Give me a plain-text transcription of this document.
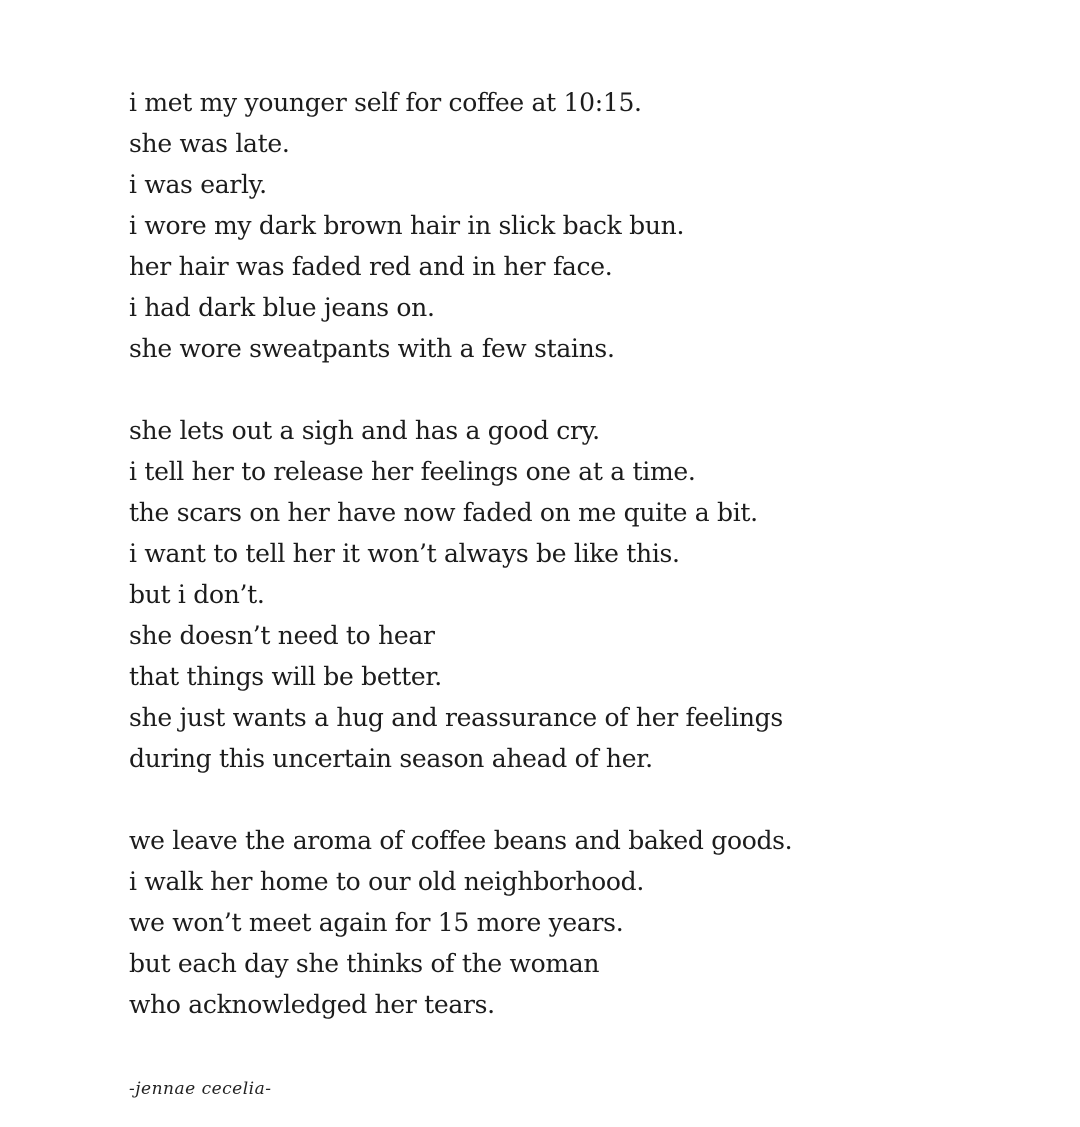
i met my younger self for coffee at 10:15.
she was late.
i was early.
i wore my dark brown hair in slick back bun.
her hair was faded red and in her face.
i had dark blue jeans on.
she wore sweatpants with a few stains.
she lets out a sigh and has a good cry.
i tell her to release her feelings one at a time.
the scars on her have now faded on me quite a bit.
i want to tell her it won’t always be like this.
but i don’t.
she doesn’t need to hear
that things will be better.
she just wants a hug and reassurance of her feelings
during this uncertain season ahead of her.
we leave the aroma of coffee beans and baked goods.
i walk her home to our old neighborhood.
we won’t meet again for 15 more years.
but each day she thinks of the woman
who acknowledged her tears.
-jennae cecelia-
